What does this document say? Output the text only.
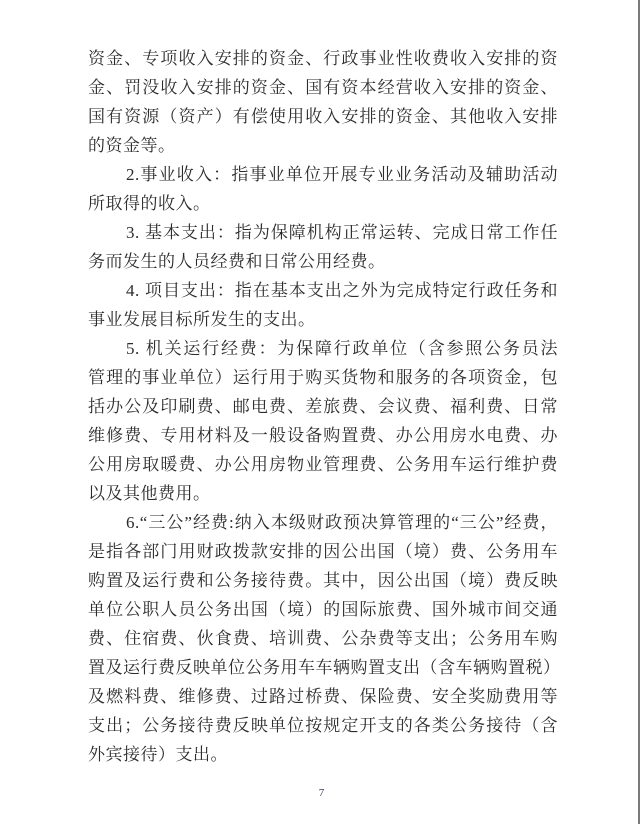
资金、专项收入安排的资金、行政事业性收费收入安排的资
金、罚没收入安排的资金、国有资本经营收入安排的资金、
国有资源（资产）有偿使用收入安排的资金、其他收入安排
的资金等。
2.事业收入：指事业单位开展专业业务活动及辅助活动
所取得的收入。
3. 基本支出：指为保障机构正常运转、完成日常工作任
务而发生的人员经费和日常公用经费。
4. 项目支出：指在基本支出之外为完成特定行政任务和
事业发展目标所发生的支出。
5. 机关运行经费：为保障行政单位（含参照公务员法
管理的事业单位）运行用于购买货物和服务的各项资金，包
括办公及印刷费、邮电费、差旅费、会议费、福利费、日常
维修费、专用材料及一般设备购置费、办公用房水电费、办
公用房取暖费、办公用房物业管理费、公务用车运行维护费
以及其他费用。
6.“三公”经费:纳入本级财政预决算管理的“三公”经费，
是指各部门用财政拨款安排的因公出国（境）费、公务用车
购置及运行费和公务接待费。其中，因公出国（境）费反映
单位公职人员公务出国（境）的国际旅费、国外城市间交通
费、住宿费、伙食费、培训费、公杂费等支出；公务用车购
置及运行费反映单位公务用车车辆购置支出（含车辆购置税）
及燃料费、维修费、过路过桥费、保险费、安全奖励费用等
支出；公务接待费反映单位按规定开支的各类公务接待（含
外宾接待）支出。
7
